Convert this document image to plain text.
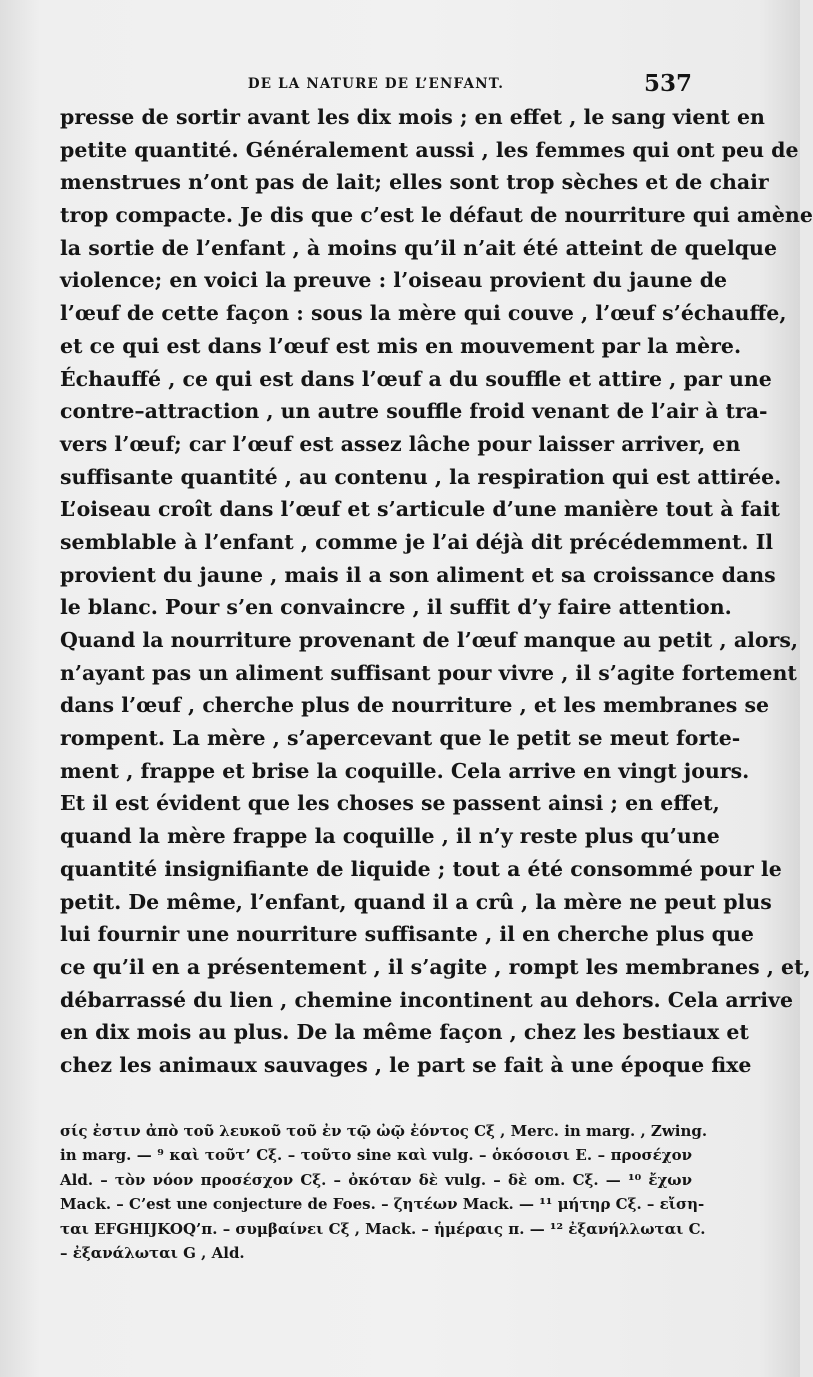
DE LA NATURE DE L’ENFANT.	537
presse de sortir avant les dix mois ; en effet , le sang vient en
petite quantité. Généralement aussi , les femmes qui ont peu de
menstrues n’ont pas de lait; elles sont trop sèches et de chair
trop compacte. Je dis que c’est le défaut de nourriture qui amène
la sortie de l’enfant , à moins qu’il n’ait été atteint de quelque
violence; en voici la preuve : l’oiseau provient du jaune de
l’œuf de cette façon : sous la mère qui couve , l’œuf s’échauffe,
et ce qui est dans l’œuf est mis en mouvement par la mère.
Échauffé , ce qui est dans l’œuf a du souffle et attire , par une
contre–attraction , un autre souffle froid venant de l’air à tra-
vers l’œuf; car l’œuf est assez lâche pour laisser arriver, en
suffisante quantité , au contenu , la respiration qui est attirée.
L’oiseau croît dans l’œuf et s’articule d’une manière tout à fait
semblable à l’enfant , comme je l’ai déjà dit précédemment. Il
provient du jaune , mais il a son aliment et sa croissance dans
le blanc. Pour s’en convaincre , il suffit d’y faire attention.
Quand la nourriture provenant de l’œuf manque au petit , alors,
n’ayant pas un aliment suffisant pour vivre , il s’agite fortement
dans l’œuf , cherche plus de nourriture , et les membranes se
rompent. La mère , s’apercevant que le petit se meut forte-
ment , frappe et brise la coquille. Cela arrive en vingt jours.
Et il est évident que les choses se passent ainsi ; en effet,
quand la mère frappe la coquille , il n’y reste plus qu’une
quantité insignifiante de liquide ; tout a été consommé pour le
petit. De même, l’enfant, quand il a crû , la mère ne peut plus
lui fournir une nourriture suffisante , il en cherche plus que
ce qu’il en a présentement , il s’agite , rompt les membranes , et,
débarrassé du lien , chemine incontinent au dehors. Cela arrive
en dix mois au plus. De la même façon , chez les bestiaux et
chez les animaux sauvages , le part se fait à une époque fixe
σίς ἐστιν ἀπὸ τοῦ λευκοῦ τοῦ ἐν τῷ ὠῷ ἐόντος Cξ , Merc. in marg. , Zwing.
in marg. — ⁹ καὶ τοῦτ’ Cξ. – τοῦτο sine καὶ vulg. – ὁκόσοισι E. – προσέχον
Ald. – τὸν νόον προσέσχον Cξ. – ὀκόταν δὲ vulg. – δὲ om. Cξ. — ¹⁰ ἔχων
Mack. – C’est une conjecture de Foes. – ζητέων Mack. — ¹¹ μήτηρ Cξ. – εἴση-
ται EFGHIJKOQ’π. – συμβαίνει Cξ , Mack. – ἡμέραις π. — ¹² ἐξανήλλωται C.
– ἐξανάλωται G , Ald.
